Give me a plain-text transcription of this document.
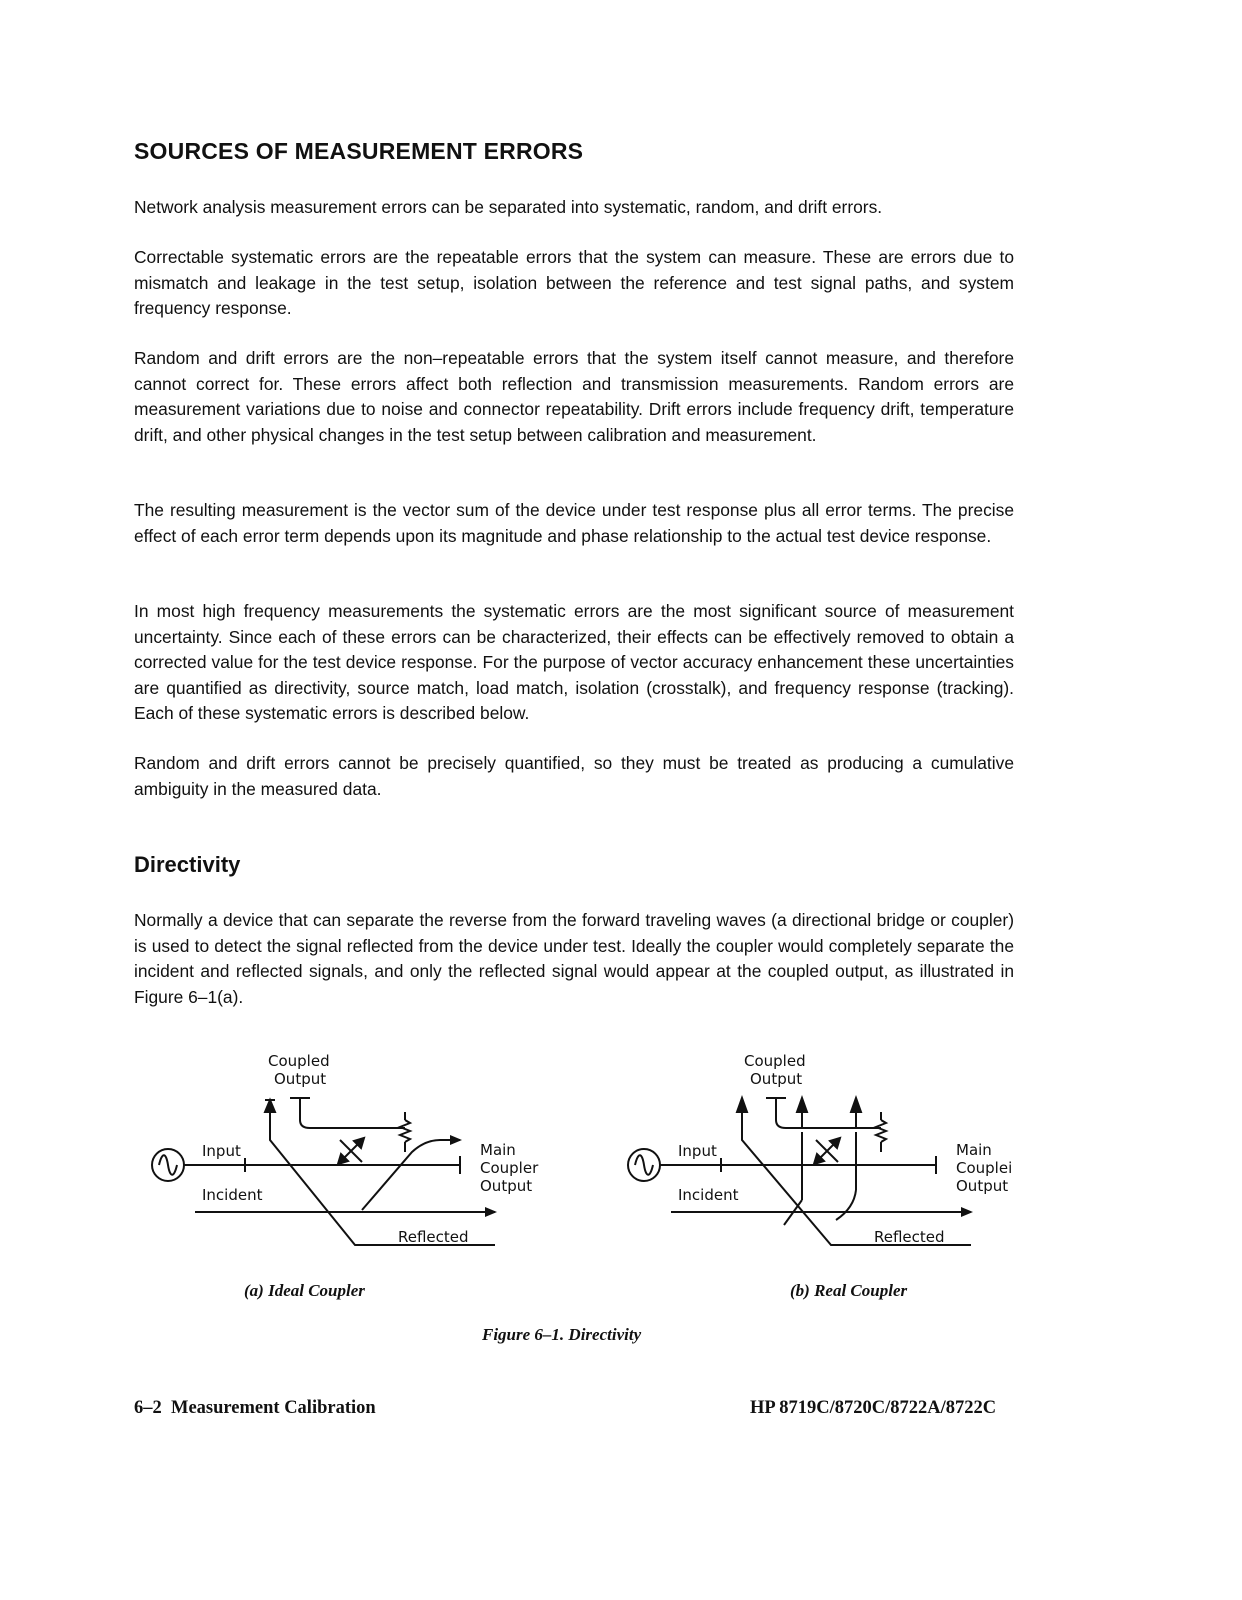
SOURCES OF MEASUREMENT ERRORS

Network analysis measurement errors can be separated into systematic, random, and drift errors.

Correctable systematic errors are the repeatable errors that the system can measure. These are errors due to mismatch and leakage in the test setup, isolation between the reference and test signal paths, and system frequency response.

Random and drift errors are the non–repeatable errors that the system itself cannot measure, and therefore cannot correct for. These errors affect both reflection and transmission measurements. Random errors are measurement variations due to noise and connector repeatability. Drift errors include frequency drift, temperature drift, and other physical changes in the test setup between calibration and measurement.

The resulting measurement is the vector sum of the device under test response plus all error terms. The precise effect of each error term depends upon its magnitude and phase relationship to the actual test device response.

In most high frequency measurements the systematic errors are the most significant source of measurement uncertainty. Since each of these errors can be characterized, their effects can be effectively removed to obtain a corrected value for the test device response. For the purpose of vector accuracy enhancement these uncertainties are quantified as directivity, source match, load match, isolation (crosstalk), and frequency response (tracking). Each of these systematic errors is described below.

Random and drift errors cannot be precisely quantified, so they must be treated as producing a cumulative ambiguity in the measured data.

Directivity

Normally a device that can separate the reverse from the forward traveling waves (a directional bridge or coupler) is used to detect the signal reflected from the device under test. Ideally the coupler would completely separate the incident and reflected signals, and only the reflected signal would appear at the coupled output, as illustrated in Figure 6–1(a).

Coupled
Output
Input
Incident
Main
Coupler
Output
Reflected
Coupled
Output
Input
Incident
Main
Couplei
Output
Reflected
(a) Ideal Coupler	(b) Real Coupler
Figure 6–1. Directivity
6–2  Measurement Calibration	HP 8719C/8720C/8722A/8722C
